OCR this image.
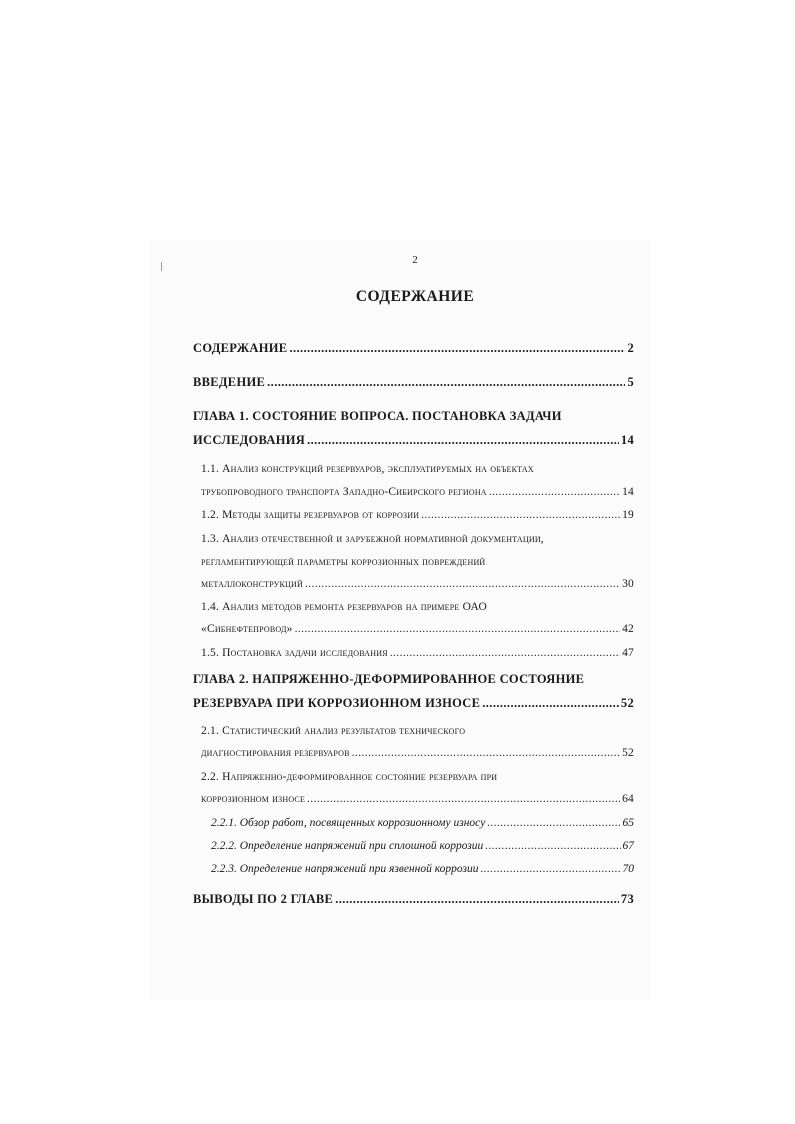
2
СОДЕРЖАНИЕ
СОДЕРЖАНИЕ .....	2
ВВЕДЕНИЕ .....	5
ГЛАВА 1. СОСТОЯНИЕ ВОПРОСА. ПОСТАНОВКА ЗАДАЧИ
ИССЛЕДОВАНИЯ .....	14
1.1. Анализ конструкций резервуаров, эксплуатируемых на объектах
трубопроводного транспорта Западно-Сибирского региона .....	14
1.2. Методы защиты резервуаров от коррозии .....	19
1.3. Анализ отечественной и зарубежной нормативной документации,
регламентирующей параметры коррозионных повреждений
металлоконструкций .....	30
1.4. Анализ методов ремонта резервуаров на примере ОАО
«Сибнефтепровод» .....	42
1.5. Постановка задачи исследования .....	47
ГЛАВА 2. НАПРЯЖЕННО-ДЕФОРМИРОВАННОЕ СОСТОЯНИЕ
РЕЗЕРВУАРА ПРИ КОРРОЗИОННОМ ИЗНОСЕ .....	52
2.1. Статистический анализ результатов технического
диагностирования резервуаров .....	52
2.2. Напряженно-деформированное состояние резервуара при
коррозионном износе .....	64
2.2.1. Обзор работ, посвященных коррозионному износу .....	65
2.2.2. Определение напряжений при сплошной коррозии .....	67
2.2.3. Определение напряжений при язвенной коррозии .....	70
ВЫВОДЫ ПО 2 ГЛАВЕ .....	73
